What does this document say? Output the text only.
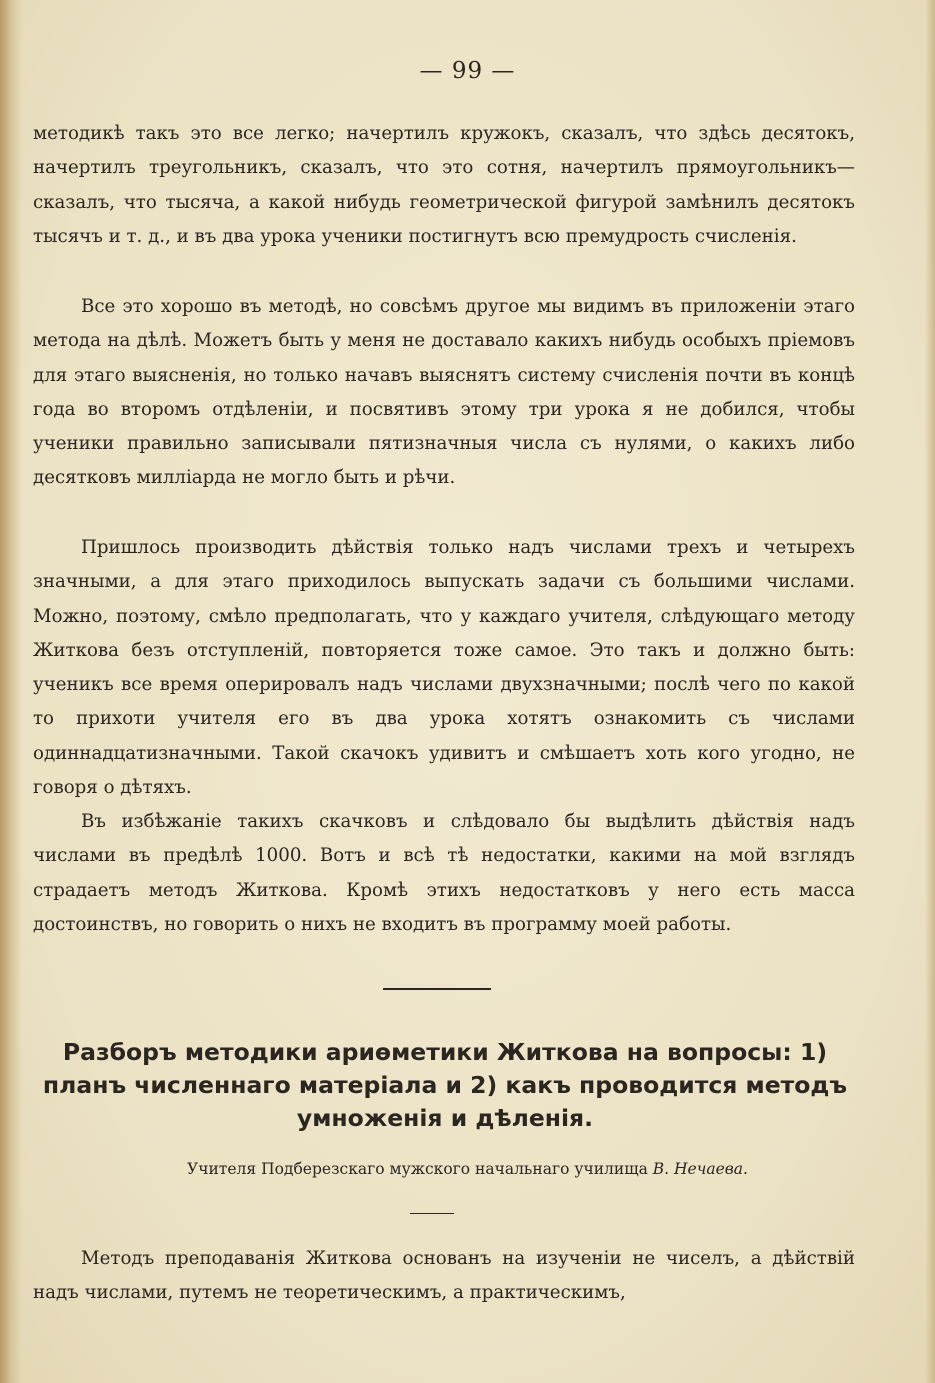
— 99 —

методикѣ такъ это все легко; начертилъ кружокъ, сказалъ, что здѣсь десятокъ, начертилъ треугольникъ, сказалъ, что это сотня, начертилъ прямоугольникъ—сказалъ, что тысяча, а какой нибудь геометрической фигурой замѣнилъ десятокъ тысячъ и т. д., и въ два урока ученики постигнутъ всю премудрость счисленія.

Все это хорошо въ методѣ, но совсѣмъ другое мы видимъ въ приложеніи этаго метода на дѣлѣ. Можетъ быть у меня не доставало какихъ нибудь особыхъ пріемовъ для этаго выясненія, но только начавъ выяснятъ систему счисленія почти въ концѣ года во второмъ отдѣленіи, и посвятивъ этому три урока я не добился, чтобы ученики правильно записывали пятизначныя числа съ нулями, о какихъ либо десятковъ милліарда не могло быть и рѣчи.

Пришлось производить дѣйствія только надъ числами трехъ и четырехъ значными, а для этаго приходилось выпускать задачи съ большими числами. Можно, поэтому, смѣло предполагать, что у каждаго учителя, слѣдующаго методу Житкова безъ отступленій, повторяется тоже самое. Это такъ и должно быть: ученикъ все время оперировалъ надъ числами двухзначными; послѣ чего по какой то прихоти учителя его въ два урока хотятъ ознакомить съ числами одиннадцатизначными. Такой скачокъ удивитъ и смѣшаетъ хоть кого угодно, не говоря о дѣтяхъ.

Въ избѣжаніе такихъ скачковъ и слѣдовало бы выдѣлить дѣйствія надъ числами въ предѣлѣ 1000. Вотъ и всѣ тѣ недостатки, какими на мой взглядъ страдаетъ методъ Житкова. Кромѣ этихъ недостатковъ у него есть масса достоинствъ, но говорить о нихъ не входитъ въ программу моей работы.

Разборъ методики ариѳметики Житкова на вопросы: 1) планъ численнаго матеріала и 2) какъ проводится методъ умноженія и дѣленія.
Учителя Подберезскаго мужского начальнаго училища В. Нечаева.

Методъ преподаванія Житкова основанъ на изученіи не чиселъ, а дѣйствій надъ числами, путемъ не теоретическимъ, а практическимъ,
